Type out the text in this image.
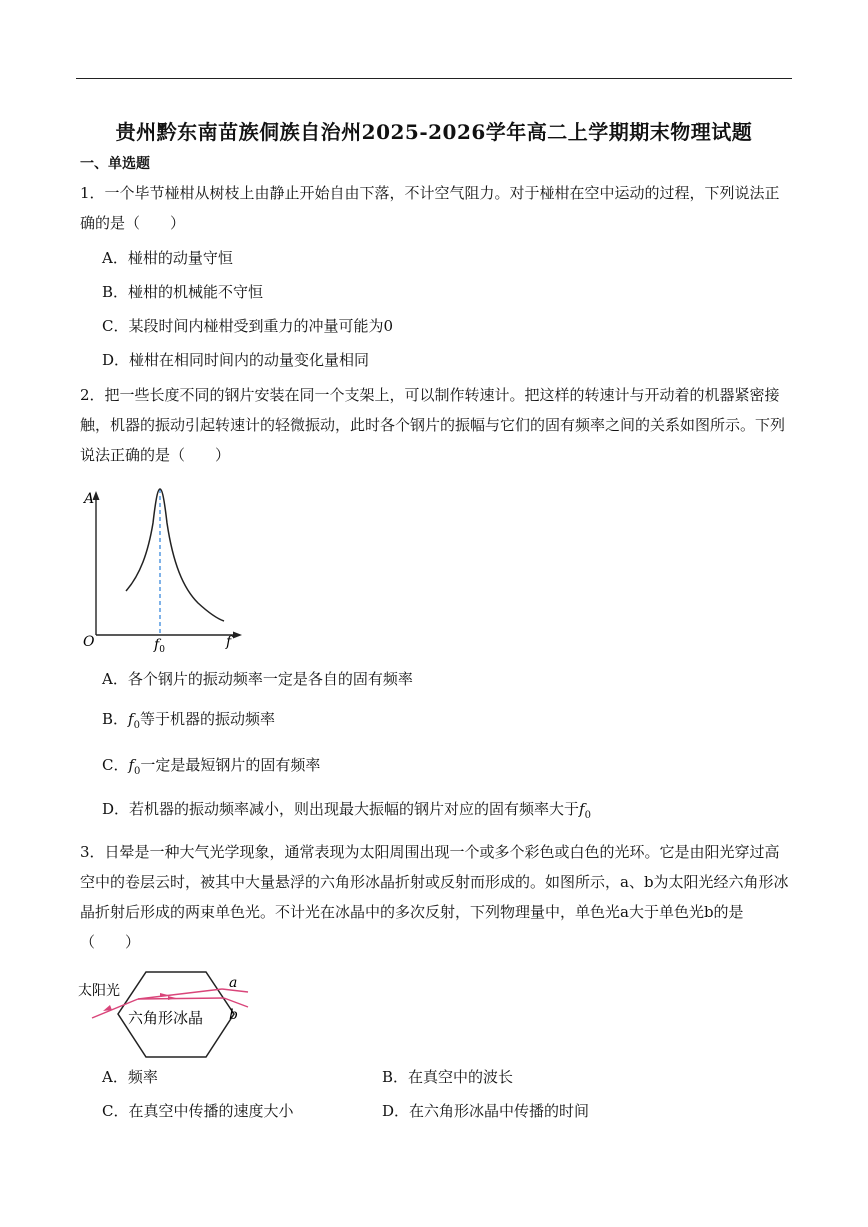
贵州黔东南苗族侗族自治州2025-2026学年高二上学期期末物理试题
一、单选题
1．一个毕节椪柑从树枝上由静止开始自由下落，不计空气阻力。对于椪柑在空中运动的过程，下列说法正确的是（　　）
A．椪柑的动量守恒
B．椪柑的机械能不守恒
C．某段时间内椪柑受到重力的冲量可能为0
D．椪柑在相同时间内的动量变化量相同
2．把一些长度不同的钢片安装在同一个支架上，可以制作转速计。把这样的转速计与开动着的机器紧密接触，机器的振动引起转速计的轻微振动，此时各个钢片的振幅与它们的固有频率之间的关系如图所示。下列说法正确的是（　　）
A
O	f
$f_0$
A．各个钢片的振动频率一定是各自的固有频率
B．$f_0$等于机器的振动频率
C．$f_0$一定是最短钢片的固有频率
D．若机器的振动频率减小，则出现最大振幅的钢片对应的固有频率大于$f_0$
3．日晕是一种大气光学现象，通常表现为太阳周围出现一个或多个彩色或白色的光环。它是由阳光穿过高空中的卷层云时，被其中大量悬浮的六角形冰晶折射或反射而形成的。如图所示，a、b为太阳光经六角形冰晶折射后形成的两束单色光。不计光在冰晶中的多次反射，下列物理量中，单色光a大于单色光b的是（　　）
太阳光
六角形冰晶
a
b
A．频率	B．在真空中的波长
C．在真空中传播的速度大小	D．在六角形冰晶中传播的时间
